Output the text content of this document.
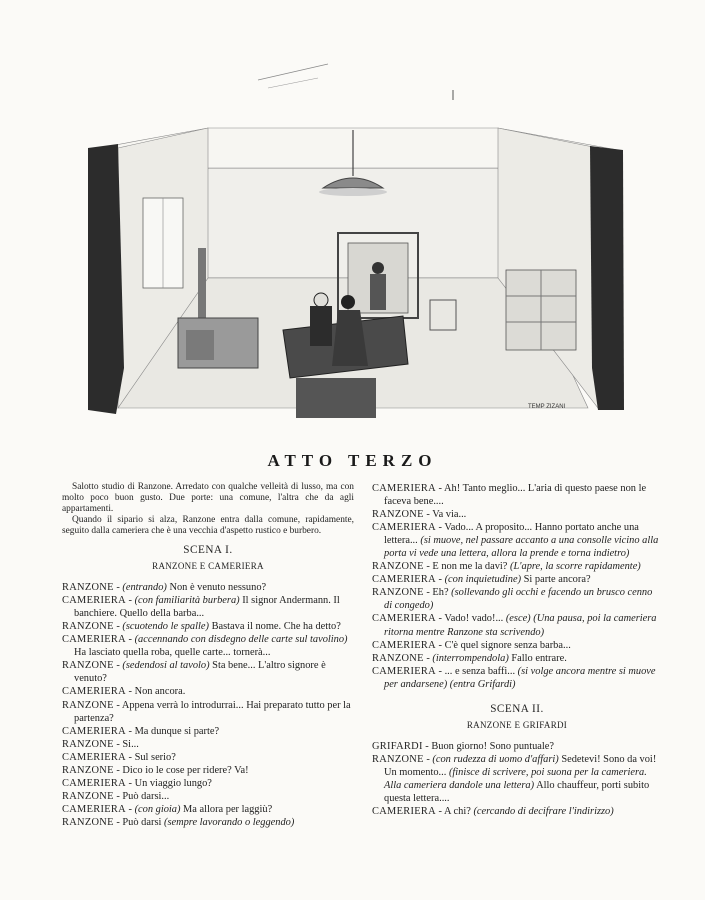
TEMP ZIZANI
ATTO TERZO

Salotto studio di Ranzone. Arredato con qualche velleità di lusso, ma con molto poco buon gusto. Due porte: una comune, l'altra che da agli appartamenti.

Quando il sipario si alza, Ranzone entra dalla comune, rapidamente, seguito dalla cameriera che è una vecchia d'aspetto rustico e burbero.

SCENA I.
RANZONE E CAMERIERA

RANZONE - (entrando) Non è venuto nessuno?

CAMERIERA - (con familiarità burbera) Il signor Andermann. Il banchiere. Quello della barba...

RANZONE - (scuotendo le spalle) Bastava il nome. Che ha detto?

CAMERIERA - (accennando con disdegno delle carte sul tavolino) Ha lasciato quella roba, quelle carte... tornerà...

RANZONE - (sedendosi al tavolo) Sta bene... L'altro signore è venuto?

CAMERIERA - Non ancora.

RANZONE - Appena verrà lo introdurrai... Hai preparato tutto per la partenza?

CAMERIERA - Ma dunque si parte?

RANZONE - Si...

CAMERIERA - Sul serio?

RANZONE - Dico io le cose per ridere? Va!

CAMERIERA - Un viaggio lungo?

RANZONE - Può darsi...

CAMERIERA - (con gioia) Ma allora per laggiù?

RANZONE - Può darsi (sempre lavorando o leggendo)

CAMERIERA - Ah! Tanto meglio... L'aria di questo paese non le faceva bene....

RANZONE - Va via...

CAMERIERA - Vado... A proposito... Hanno portato anche una lettera... (si muove, nel passare accanto a una consolle vicino alla porta vi vede una lettera, allora la prende e torna indietro)

RANZONE - E non me la davi? (L'apre, la scorre rapidamente)

CAMERIERA - (con inquietudine) Si parte ancora?

RANZONE - Eh? (sollevando gli occhi e facendo un brusco cenno di congedo)

CAMERIERA - Vado! vado!... (esce) (Una pausa, poi la cameriera ritorna mentre Ranzone sta scrivendo)

CAMERIERA - C'è quel signore senza barba...

RANZONE - (interrompendola) Fallo entrare.

CAMERIERA - ... e senza baffi... (si volge ancora mentre si muove per andarsene) (entra Grifardi)

SCENA II.
RANZONE E GRIFARDI

GRIFARDI - Buon giorno! Sono puntuale?

RANZONE - (con rudezza di uomo d'affari) Sedetevi! Sono da voi! Un momento... (finisce di scrivere, poi suona per la cameriera. Alla cameriera dandole una lettera) Allo chauffeur, porti subito questa lettera....

CAMERIERA - A chi? (cercando di decifrare l'indirizzo)
